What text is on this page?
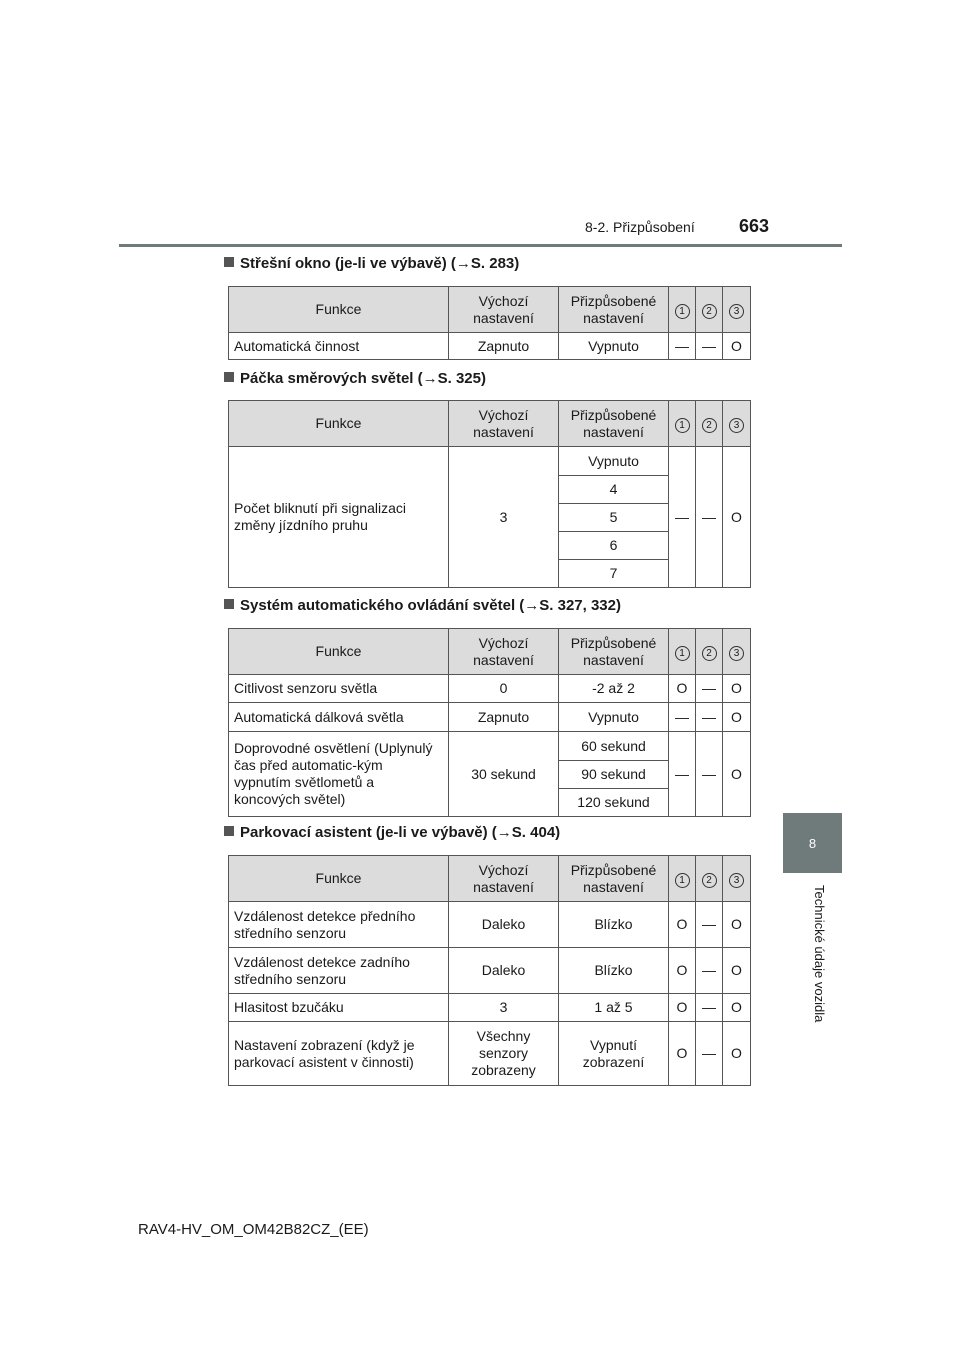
8-2. Přizpůsobení 663
8
Technické údaje vozidla
Střešní okno (je-li ve výbavě) (→S. 283)
Funkce	Výchozí nastavení	Přizpůsobené nastavení	1	2	3
Automatická činnost	Zapnuto	Vypnuto	—	—	O
Páčka směrových světel (→S. 325)
Funkce	Výchozí nastavení	Přizpůsobené nastavení	1	2	3
Počet bliknutí při signalizaci změny jízdního pruhu	3	Vypnuto	—	—	O
		4			
		5			
		6			
		7			
Systém automatického ovládání světel (→S. 327, 332)
Funkce	Výchozí nastavení	Přizpůsobené nastavení	1	2	3
Citlivost senzoru světla	0	-2 až 2	O	—	O
Automatická dálková světla	Zapnuto	Vypnuto	—	—	O
Doprovodné osvětlení (Uplynulý čas před automatic-kým vypnutím světlometů a koncových světel)	30 sekund	60 sekund	—	—	O
		90 sekund			
		120 sekund			
Parkovací asistent (je-li ve výbavě) (→S. 404)
Funkce	Výchozí nastavení	Přizpůsobené nastavení	1	2	3
Vzdálenost detekce předního středního senzoru	Daleko	Blízko	O	—	O
Vzdálenost detekce zadního středního senzoru	Daleko	Blízko	O	—	O
Hlasitost bzučáku	3	1 až 5	O	—	O
Nastavení zobrazení (když je parkovací asistent v činnosti)	Všechny senzory zobrazeny	Vypnutí zobrazení	O	—	O
RAV4-HV_OM_OM42B82CZ_(EE)
